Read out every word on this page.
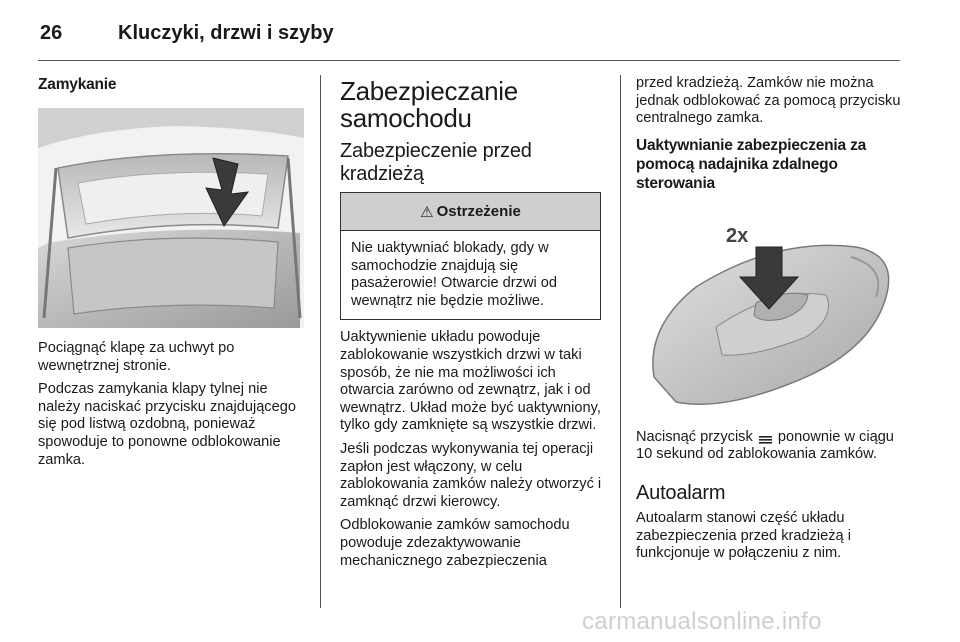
26	Kluczyki, drzwi i szyby
Zamykanie

Pociągnąć klapę za uchwyt po wewnętrznej stronie.

Podczas zamykania klapy tylnej nie należy naciskać przycisku znajdującego się pod listwą ozdobną, ponieważ spowoduje to ponowne odblokowanie zamka.

Zabezpieczanie samochodu
Zabezpieczenie przed kradzieżą
⚠ Ostrzeżenie

Nie uaktywniać blokady, gdy w samochodzie znajdują się pasażerowie! Otwarcie drzwi od wewnątrz nie będzie możliwe.

Uaktywnienie układu powoduje zablokowanie wszystkich drzwi w taki sposób, że nie ma możliwości ich otwarcia zarówno od zewnątrz, jak i od wewnątrz. Układ może być uaktywniony, tylko gdy zamknięte są wszystkie drzwi.

Jeśli podczas wykonywania tej operacji zapłon jest włączony, w celu zablokowania zamków należy otworzyć i zamknąć drzwi kierowcy.

Odblokowanie zamków samochodu powoduje zdezaktywowanie mechanicznego zabezpieczenia

przed kradzieżą. Zamków nie można jednak odblokować za pomocą przycisku centralnego zamka.

Uaktywnianie zabezpieczenia za pomocą nadajnika zdalnego sterowania
2x

Nacisnąć przycisk ponownie w ciągu 10 sekund od zablokowania zamków.

Autoalarm

Autoalarm stanowi część układu zabezpieczenia przed kradzieżą i funkcjonuje w połączeniu z nim.

carmanualsonline.info
